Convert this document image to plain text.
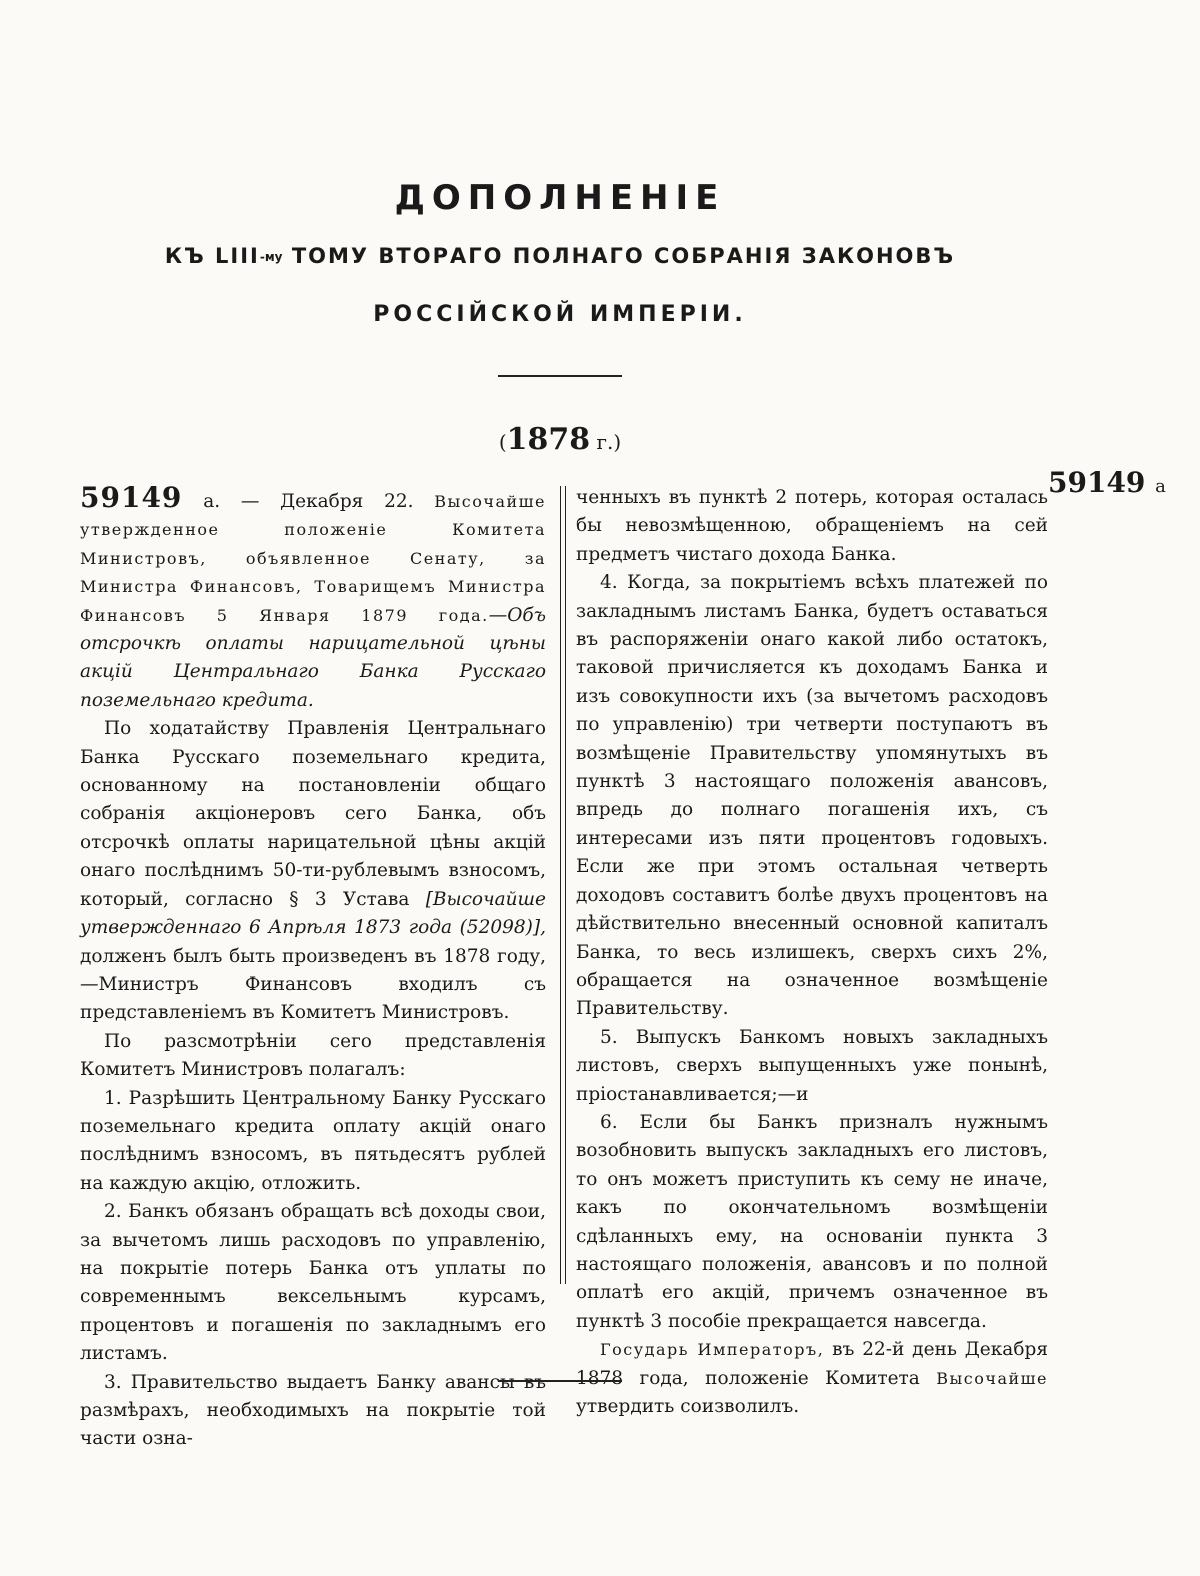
ДОПОЛНЕНІЕ
КЪ LIII-му ТОМУ ВТОРАГО ПОЛНАГО СОБРАНІЯ ЗАКОНОВЪ
РОССІЙСКОЙ ИМПЕРІИ.
(1878 г.)
59149 а

59149 а. — Декабря 22. Высочайше утвержденное положеніе Комитета Министровъ, объявленное Сенату, за Министра Финансовъ, Товарищемъ Министра Финансовъ 5 Января 1879 года.—Объ отсрочкѣ оплаты нарицательной цѣны акцій Центральнаго Банка Русскаго поземельнаго кредита.

По ходатайству Правленія Центральнаго Банка Русскаго поземельнаго кредита, основанному на постановленіи общаго собранія акціонеровъ сего Банка, объ отсрочкѣ оплаты нарицательной цѣны акцій онаго послѣднимъ 50-ти-рублевымъ взносомъ, который, согласно § 3 Устава [Высочайше утвержденнаго 6 Апрѣля 1873 года (52098)], долженъ былъ быть произведенъ въ 1878 году,—Министръ Финансовъ входилъ съ представленіемъ въ Комитетъ Министровъ.

По разсмотрѣніи сего представленія Комитетъ Министровъ полагалъ:

1. Разрѣшить Центральному Банку Русскаго поземельнаго кредита оплату акцій онаго послѣднимъ взносомъ, въ пятьдесятъ рублей на каждую акцію, отложить.

2. Банкъ обязанъ обращать всѣ доходы свои, за вычетомъ лишь расходовъ по управленію, на покрытіе потерь Банка отъ уплаты по современнымъ вексельнымъ курсамъ, процентовъ и погашенія по закладнымъ его листамъ.

3. Правительство выдаетъ Банку авансы въ размѣрахъ, необходимыхъ на покрытіе той части озна-

ченныхъ въ пунктѣ 2 потерь, которая осталась бы невозмѣщенною, обращеніемъ на сей предметъ чистаго дохода Банка.

4. Когда, за покрытіемъ всѣхъ платежей по закладнымъ листамъ Банка, будетъ оставаться въ распоряженіи онаго какой либо остатокъ, таковой причисляется къ доходамъ Банка и изъ совокупности ихъ (за вычетомъ расходовъ по управленію) три четверти поступаютъ въ возмѣщеніе Правительству упомянутыхъ въ пунктѣ 3 настоящаго положенія авансовъ, впредь до полнаго погашенія ихъ, съ интересами изъ пяти процентовъ годовыхъ. Если же при этомъ остальная четверть доходовъ составитъ болѣе двухъ процентовъ на дѣйствительно внесенный основной капиталъ Банка, то весь излишекъ, сверхъ сихъ 2%, обращается на означенное возмѣщеніе Правительству.

5. Выпускъ Банкомъ новыхъ закладныхъ листовъ, сверхъ выпущенныхъ уже понынѣ, пріостанавливается;—и

6. Если бы Банкъ призналъ нужнымъ возобновить выпускъ закладныхъ его листовъ, то онъ можетъ приступить къ сему не иначе, какъ по окончательномъ возмѣщеніи сдѣланныхъ ему, на основаніи пункта 3 настоящаго положенія, авансовъ и по полной оплатѣ его акцій, причемъ означенное въ пунктѣ 3 пособіе прекращается навсегда.

Государь Императоръ, въ 22-й день Декабря 1878 года, положеніе Комитета Высочайше утвердить соизволилъ.
